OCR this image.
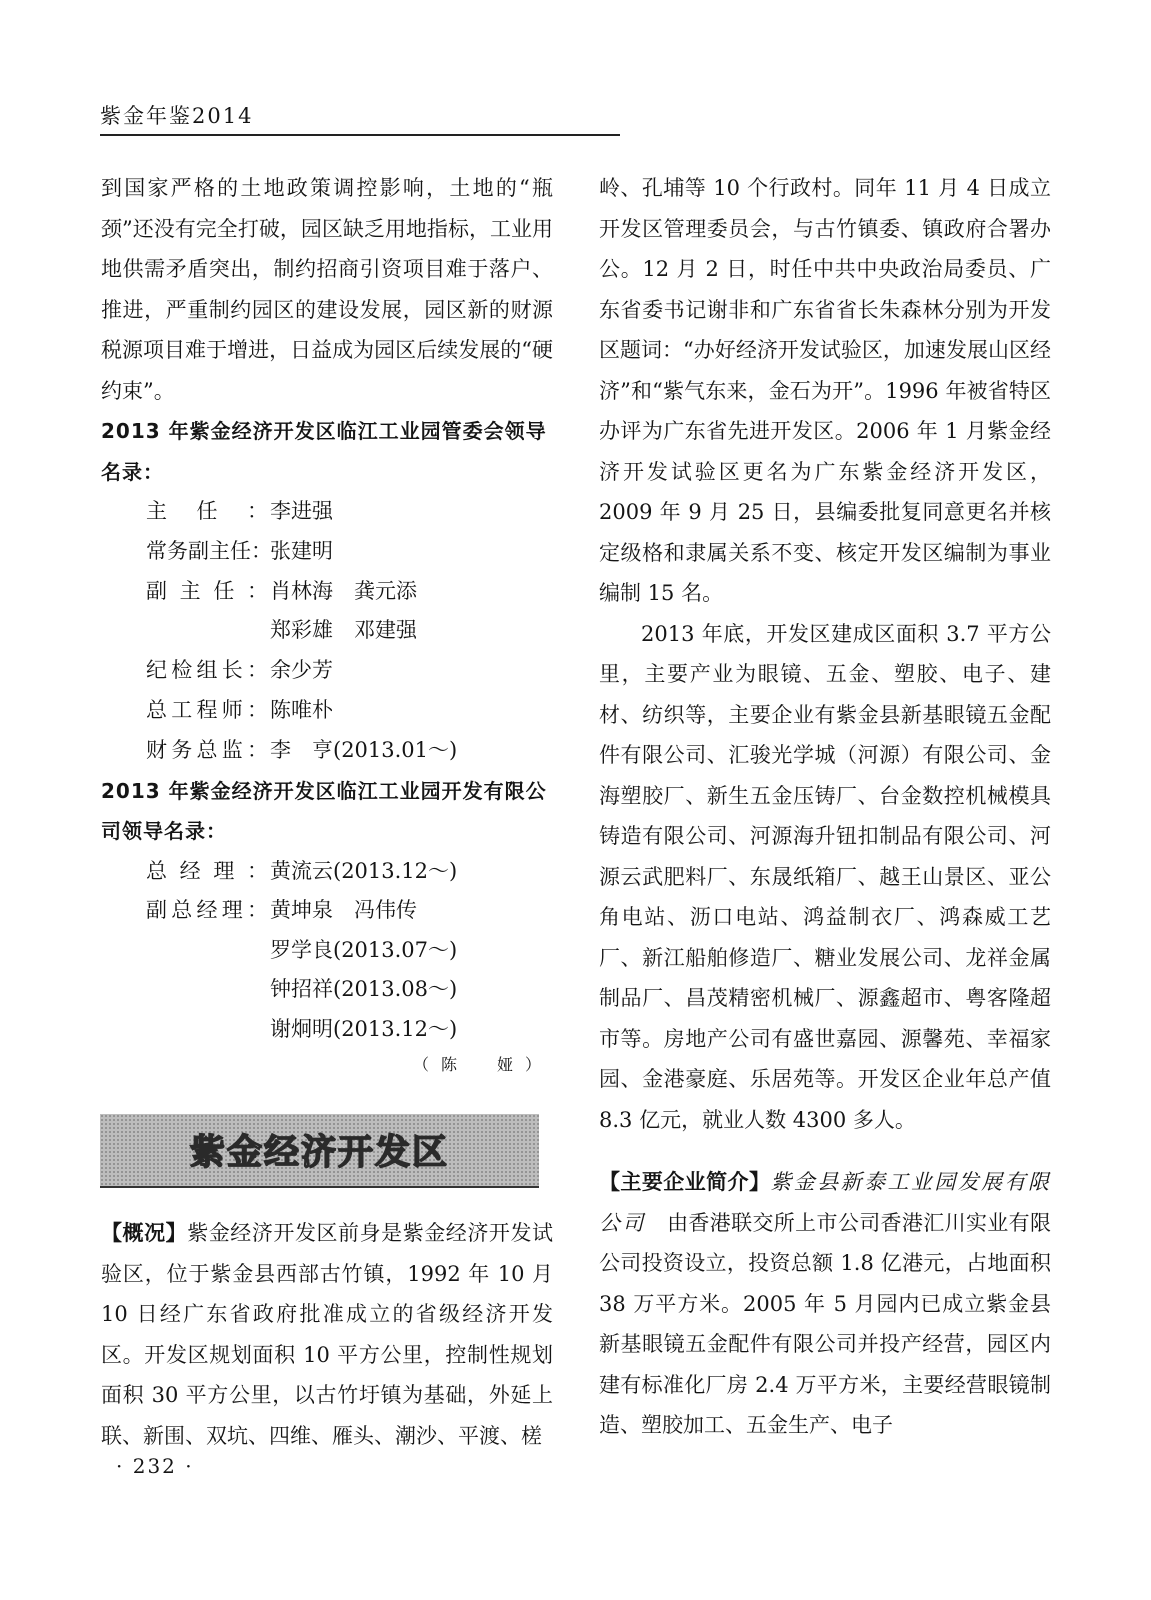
紫金年鉴2014

到国家严格的土地政策调控影响，土地的“瓶颈”还没有完全打破，园区缺乏用地指标，工业用地供需矛盾突出，制约招商引资项目难于落户、推进，严重制约园区的建设发展，园区新的财源税源项目难于增进，日益成为园区后续发展的“硬约束”。

2013 年紫金经济开发区临江工业园管委会领导名录：

主任： 李进强
常务副主任：
张建明
副主任： 肖林海　龚元添
郑彩雄　邓建强
纪检组长： 余少芳
总工程师： 陈唯朴
财务总监： 李　亨(2013.01～)

2013 年紫金经济开发区临江工业园开发有限公司领导名录：

总经理： 黄流云(2013.12～)
副总经理： 黄坤泉　冯伟传
罗学良(2013.07～)
钟招祥(2013.08～)
谢炯明(2013.12～)

（陈　娅）

紫金经济开发区

【概况】紫金经济开发区前身是紫金经济开发试验区，位于紫金县西部古竹镇，1992 年 10 月 10 日经广东省政府批准成立的省级经济开发区。开发区规划面积 10 平方公里，控制性规划面积 30 平方公里，以古竹圩镇为基础，外延上联、新围、双坑、四维、雁头、潮沙、平渡、槎

岭、孔埔等 10 个行政村。同年 11 月 4 日成立开发区管理委员会，与古竹镇委、镇政府合署办公。12 月 2 日，时任中共中央政治局委员、广东省委书记谢非和广东省省长朱森林分别为开发区题词：“办好经济开发试验区，加速发展山区经济”和“紫气东来，金石为开”。1996 年被省特区办评为广东省先进开发区。2006 年 1 月紫金经济开发试验区更名为广东紫金经济开发区，2009 年 9 月 25 日，县编委批复同意更名并核定级格和隶属关系不变、核定开发区编制为事业编制 15 名。

2013 年底，开发区建成区面积 3.7 平方公里，主要产业为眼镜、五金、塑胶、电子、建材、纺织等，主要企业有紫金县新基眼镜五金配件有限公司、汇骏光学城（河源）有限公司、金海塑胶厂、新生五金压铸厂、台金数控机械模具铸造有限公司、河源海升钮扣制品有限公司、河源云武肥料厂、东晟纸箱厂、越王山景区、亚公角电站、沥口电站、鸿益制衣厂、鸿森威工艺厂、新江船舶修造厂、糖业发展公司、龙祥金属制品厂、昌茂精密机械厂、源鑫超市、粤客隆超市等。房地产公司有盛世嘉园、源馨苑、幸福家园、金港豪庭、乐居苑等。开发区企业年总产值 8.3 亿元，就业人数 4300 多人。

【主要企业简介】紫金县新泰工业园发展有限公司　 由香港联交所上市公司香港汇川实业有限公司投资设立，投资总额 1.8 亿港元，占地面积 38 万平方米。2005 年 5 月园内已成立紫金县新基眼镜五金配件有限公司并投产经营，园区内建有标准化厂房 2.4 万平方米，主要经营眼镜制造、塑胶加工、五金生产、电子

· 232 ·
